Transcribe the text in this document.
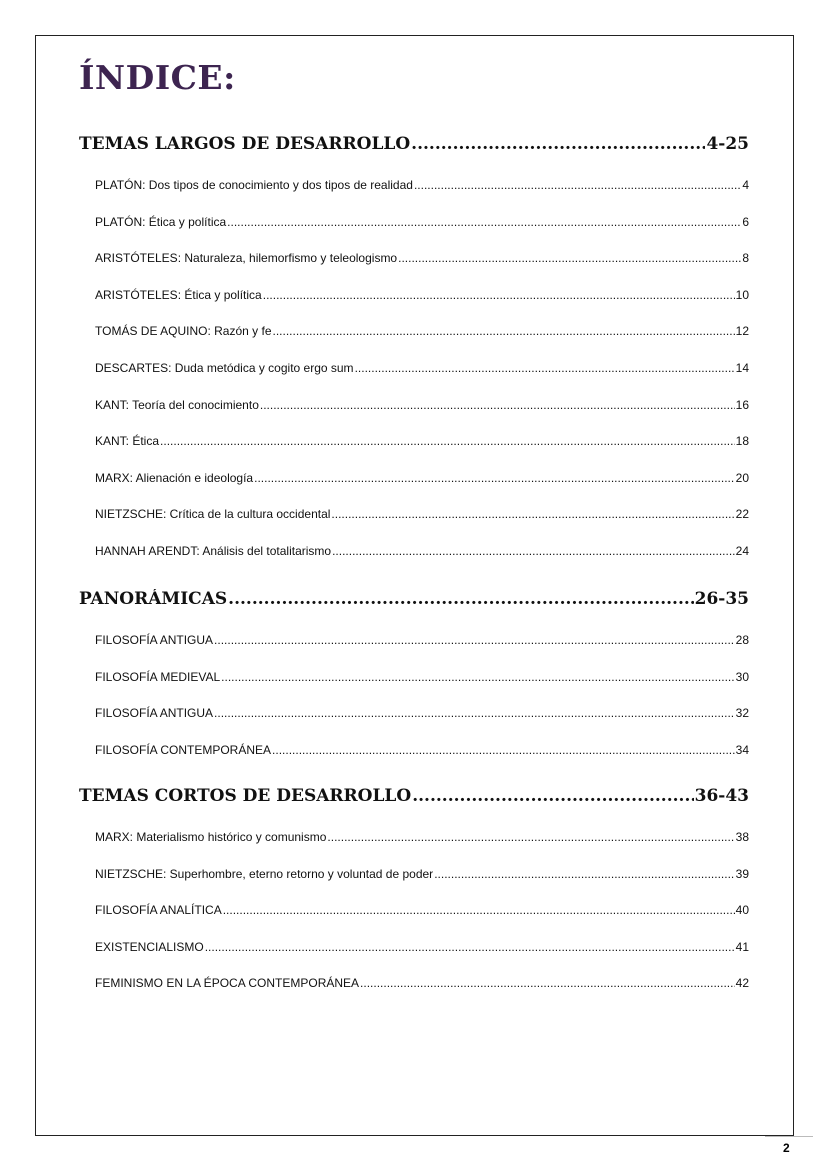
ÍNDICE:
TEMAS LARGOS DE DESARROLLO .....	4-25
PLATÓN: Dos tipos de conocimiento y dos tipos de realidad .....	4
PLATÓN: Ética y política .....	6
ARISTÓTELES: Naturaleza, hilemorfismo y teleologismo .....	8
ARISTÓTELES: Ética y política .....	10
TOMÁS DE AQUINO: Razón y fe .....	12
DESCARTES: Duda metódica y cogito ergo sum .....	14
KANT: Teoría del conocimiento .....	16
KANT: Ética .....	18
MARX: Alienación e ideología .....	20
NIETZSCHE: Crítica de la cultura occidental .....	22
HANNAH ARENDT: Análisis del totalitarismo .....	24
PANORÁMICAS .....	26-35
FILOSOFÍA ANTIGUA .....	28
FILOSOFÍA MEDIEVAL .....	30
FILOSOFÍA ANTIGUA .....	32
FILOSOFÍA CONTEMPORÁNEA .....	34
TEMAS CORTOS DE DESARROLLO .....	36-43
MARX: Materialismo histórico y comunismo .....	38
NIETZSCHE: Superhombre, eterno retorno y voluntad de poder .....	39
FILOSOFÍA ANALÍTICA .....	40
EXISTENCIALISMO .....	41
FEMINISMO EN LA ÉPOCA CONTEMPORÁNEA .....	42
2
